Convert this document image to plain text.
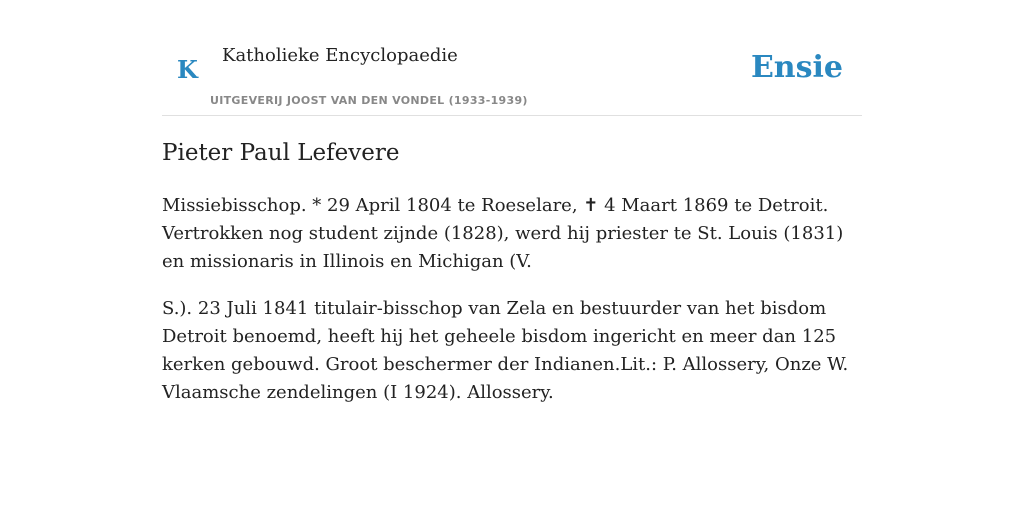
K Katholieke Encyclopaedie
UITGEVERIJ JOOST VAN DEN VONDEL (1933-1939)
Ensie
Pieter Paul Lefevere

Missiebisschop. * 29 April 1804 te Roeselare, ✝ 4 Maart 1869 te Detroit. Vertrokken nog student zijnde (1828), werd hij priester te St. Louis (1831) en missionaris in Illinois en Michigan (V.

S.). 23 Juli 1841 titulair-bisschop van Zela en bestuurder van het bisdom Detroit benoemd, heeft hij het geheele bisdom ingericht en meer dan 125 kerken gebouwd. Groot beschermer der Indianen.Lit.: P. Allossery, Onze W. Vlaamsche zendelingen (I 1924). Allossery.
